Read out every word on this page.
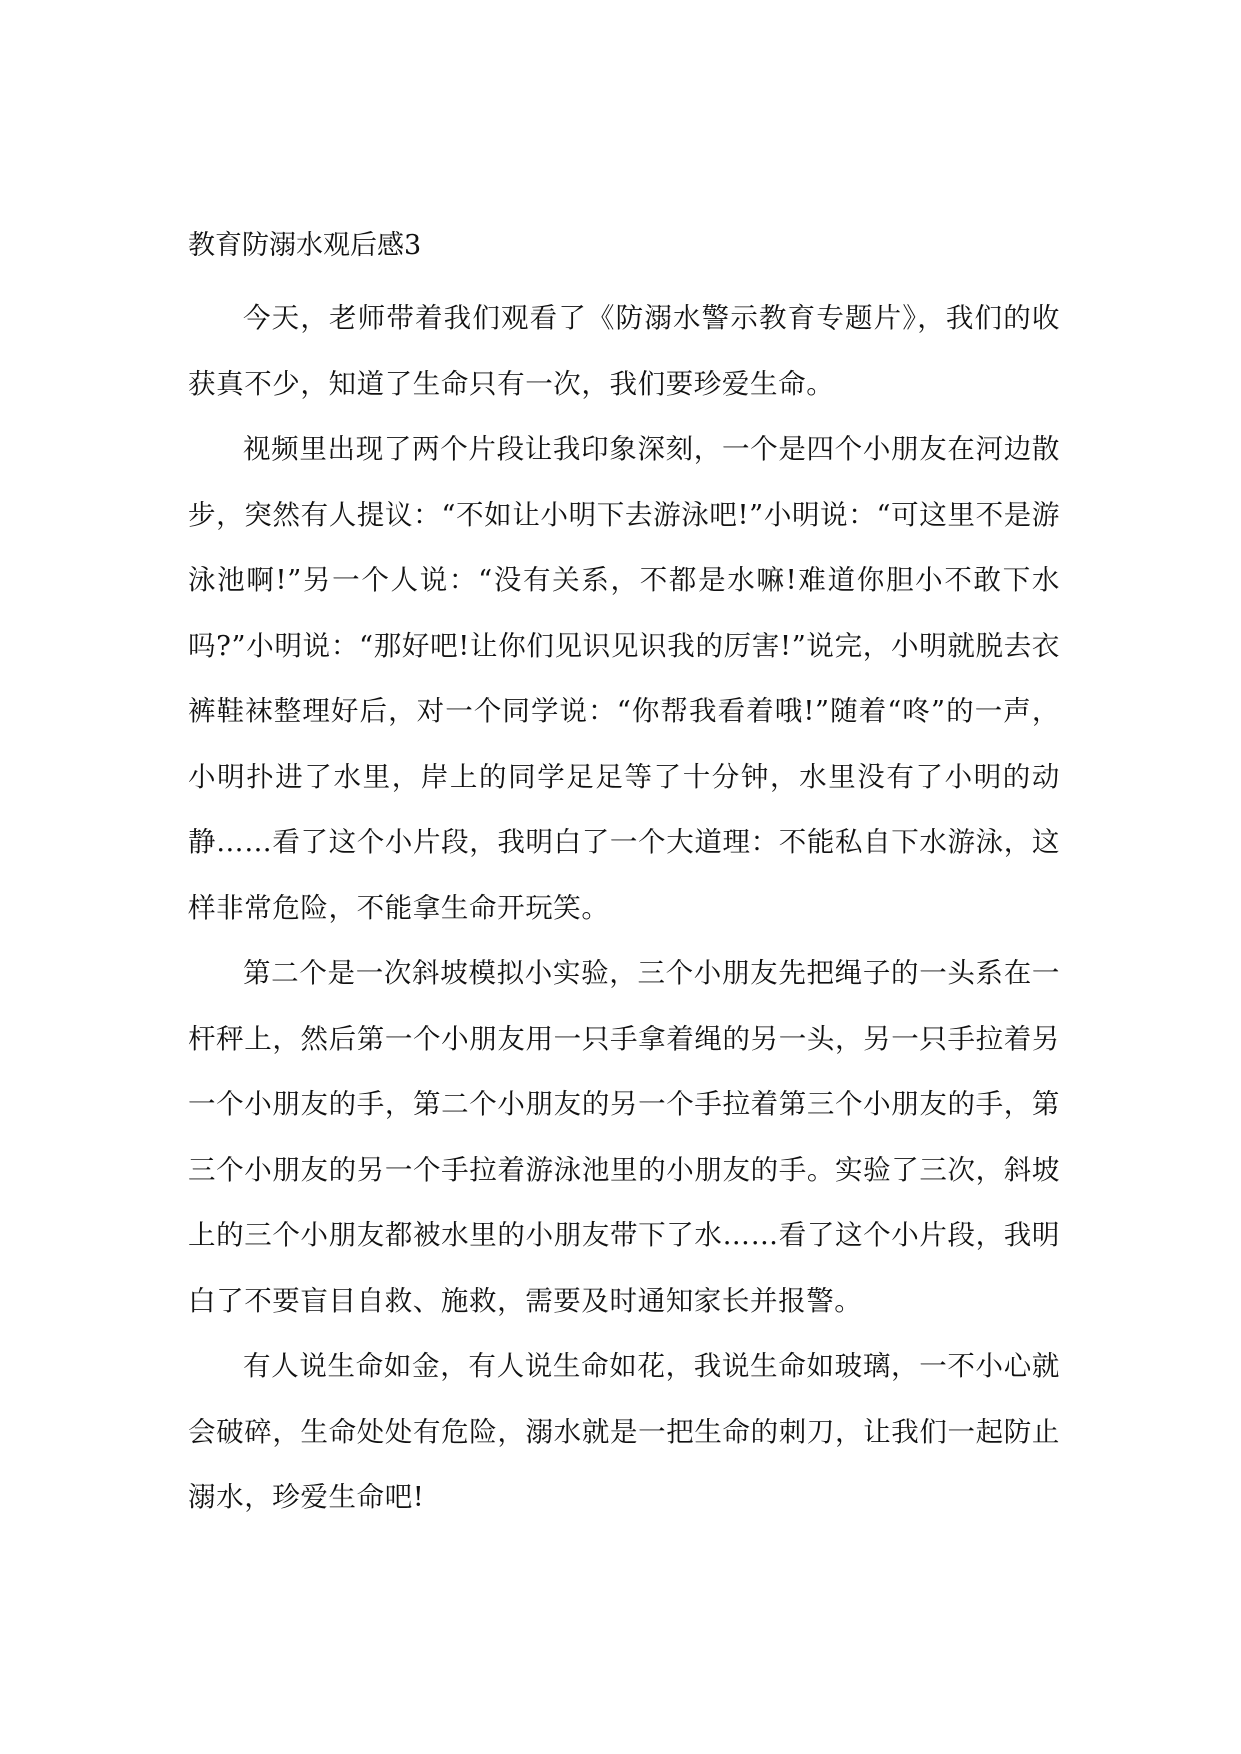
教育防溺水观后感3

今天，老师带着我们观看了《防溺水警示教育专题片》，我们的收获真不少，知道了生命只有一次，我们要珍爱生命。

视频里出现了两个片段让我印象深刻，一个是四个小朋友在河边散步，突然有人提议：“不如让小明下去游泳吧!”小明说：“可这里不是游泳池啊!”另一个人说：“没有关系，不都是水嘛!难道你胆小不敢下水吗?”小明说：“那好吧!让你们见识见识我的厉害!”说完，小明就脱去衣裤鞋袜整理好后，对一个同学说：“你帮我看着哦!”随着“咚”的一声，小明扑进了水里，岸上的同学足足等了十分钟，水里没有了小明的动静……看了这个小片段，我明白了一个大道理：不能私自下水游泳，这样非常危险，不能拿生命开玩笑。

第二个是一次斜坡模拟小实验，三个小朋友先把绳子的一头系在一杆秤上，然后第一个小朋友用一只手拿着绳的另一头，另一只手拉着另一个小朋友的手，第二个小朋友的另一个手拉着第三个小朋友的手，第三个小朋友的另一个手拉着游泳池里的小朋友的手。实验了三次，斜坡上的三个小朋友都被水里的小朋友带下了水……看了这个小片段，我明白了不要盲目自救、施救，需要及时通知家长并报警。

有人说生命如金，有人说生命如花，我说生命如玻璃，一不小心就会破碎，生命处处有危险，溺水就是一把生命的刺刀，让我们一起防止溺水，珍爱生命吧!
